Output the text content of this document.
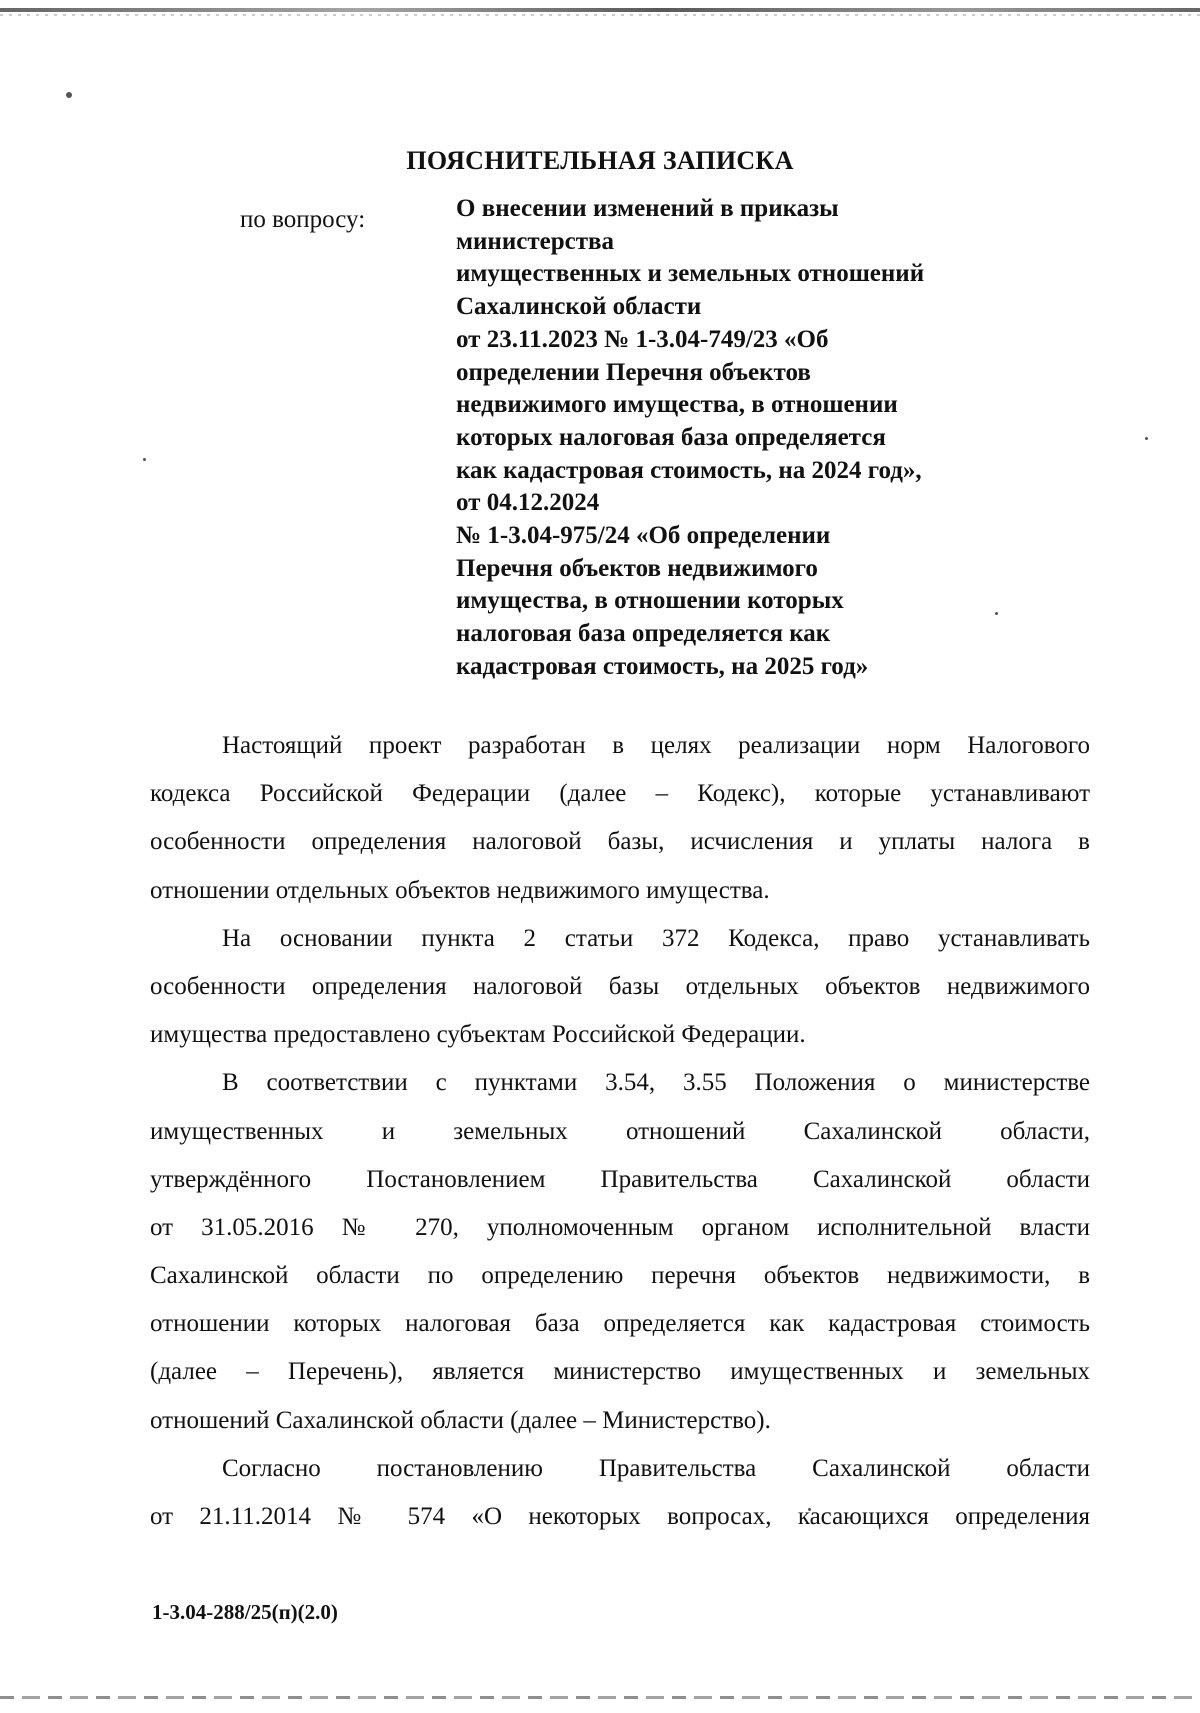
ПОЯСНИТЕЛЬНАЯ ЗАПИСКА

по вопросу:	О внесении изменений в приказы
министерства
имущественных и земельных отношений
Сахалинской области
от 23.11.2023 № 1-3.04-749/23 «Об
определении Перечня объектов
недвижимого имущества, в отношении
которых налоговая база определяется
как кадастровая стоимость, на 2024 год»,
от 04.12.2024
№ 1-3.04-975/24 «Об определении
Перечня объектов недвижимого
имущества, в отношении которых
налоговая база определяется как
кадастровая стоимость, на 2025 год»
Настоящий проект разработан в целях реализации норм Налогового
кодекса Российской Федерации (далее – Кодекс), которые устанавливают
особенности определения налоговой базы, исчисления и уплаты налога в
отношении отдельных объектов недвижимого имущества.
На основании пункта 2 статьи 372 Кодекса, право устанавливать
особенности определения налоговой базы отдельных объектов недвижимого
имущества предоставлено субъектам Российской Федерации.
В соответствии с пунктами 3.54, 3.55 Положения о министерстве
имущественных и земельных отношений Сахалинской области,
утверждённого Постановлением Правительства Сахалинской области
от 31.05.2016 № 270, уполномоченным органом исполнительной власти
Сахалинской области по определению перечня объектов недвижимости, в
отношении которых налоговая база определяется как кадастровая стоимость
(далее – Перечень), является министерство имущественных и земельных
отношений Сахалинской области (далее – Министерство).
Согласно постановлению Правительства Сахалинской области
от 21.11.2014 № 574 «О некоторых вопросах, касающихся определения

1-3.04-288/25(п)(2.0)
